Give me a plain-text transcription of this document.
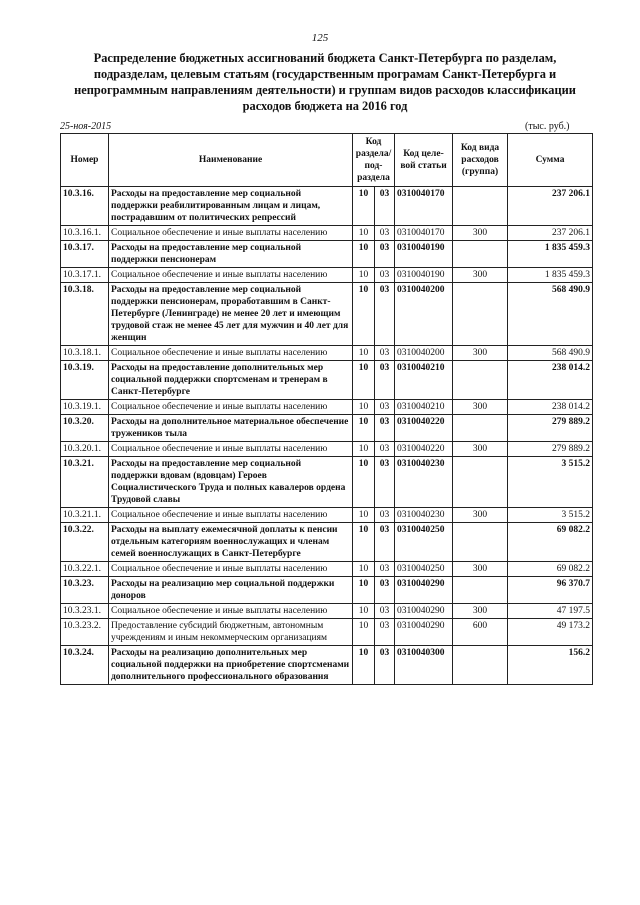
125
Распределение бюджетных ассигнований бюджета Санкт-Петербурга по разделам, подразделам, целевым статьям (государственным програмам Санкт-Петербурга и непрограммным направлениям деятельности) и группам видов расходов классификации расходов бюджета на 2016 год
25-ноя-2015	(тыс. руб.)
Номер	Наименование	Код раздела/ под- раздела		Код целе- вой статьи	Код вида расходов (группа)	Сумма
10.3.16.	Расходы на предоставление мер социальной поддержки реабилитированным лицам и лицам, пострадавшим от политических репрессий	10	03	0310040170		237 206.1
10.3.16.1.	Социальное обеспечение и иные выплаты населению	10	03	0310040170	300	237 206.1
10.3.17.	Расходы на предоставление мер социальной поддержки пенсионерам	10	03	0310040190		1 835 459.3
10.3.17.1.	Социальное обеспечение и иные выплаты населению	10	03	0310040190	300	1 835 459.3
10.3.18.	Расходы на предоставление мер социальной поддержки пенсионерам, проработавшим в Санкт-Петербурге (Ленинграде) не менее 20 лет и имеющим трудовой стаж не менее 45 лет для мужчин и 40 лет для женщин	10	03	0310040200		568 490.9
10.3.18.1.	Социальное обеспечение и иные выплаты населению	10	03	0310040200	300	568 490.9
10.3.19.	Расходы на предоставление дополнительных мер социальной поддержки спортсменам и тренерам в Санкт-Петербурге	10	03	0310040210		238 014.2
10.3.19.1.	Социальное обеспечение и иные выплаты населению	10	03	0310040210	300	238 014.2
10.3.20.	Расходы на дополнительное материальное обеспечение тружеников тыла	10	03	0310040220		279 889.2
10.3.20.1.	Социальное обеспечение и иные выплаты населению	10	03	0310040220	300	279 889.2
10.3.21.	Расходы на предоставление мер социальной поддержки вдовам (вдовцам) Героев Социалистического Труда и полных кавалеров ордена Трудовой славы	10	03	0310040230		3 515.2
10.3.21.1.	Социальное обеспечение и иные выплаты населению	10	03	0310040230	300	3 515.2
10.3.22.	Расходы на выплату ежемесячной доплаты к пенсии отдельным категориям военнослужащих и членам семей военнослужащих в Санкт-Петербурге	10	03	0310040250		69 082.2
10.3.22.1.	Социальное обеспечение и иные выплаты населению	10	03	0310040250	300	69 082.2
10.3.23.	Расходы на реализацию мер социальной поддержки доноров	10	03	0310040290		96 370.7
10.3.23.1.	Социальное обеспечение и иные выплаты населению	10	03	0310040290	300	47 197.5
10.3.23.2.	Предоставление субсидий бюджетным, автономным учреждениям и иным некоммерческим организациям	10	03	0310040290	600	49 173.2
10.3.24.	Расходы на реализацию дополнительных мер социальной поддержки на приобретение спортсменами дополнительного профессионального образования	10	03	0310040300		156.2
